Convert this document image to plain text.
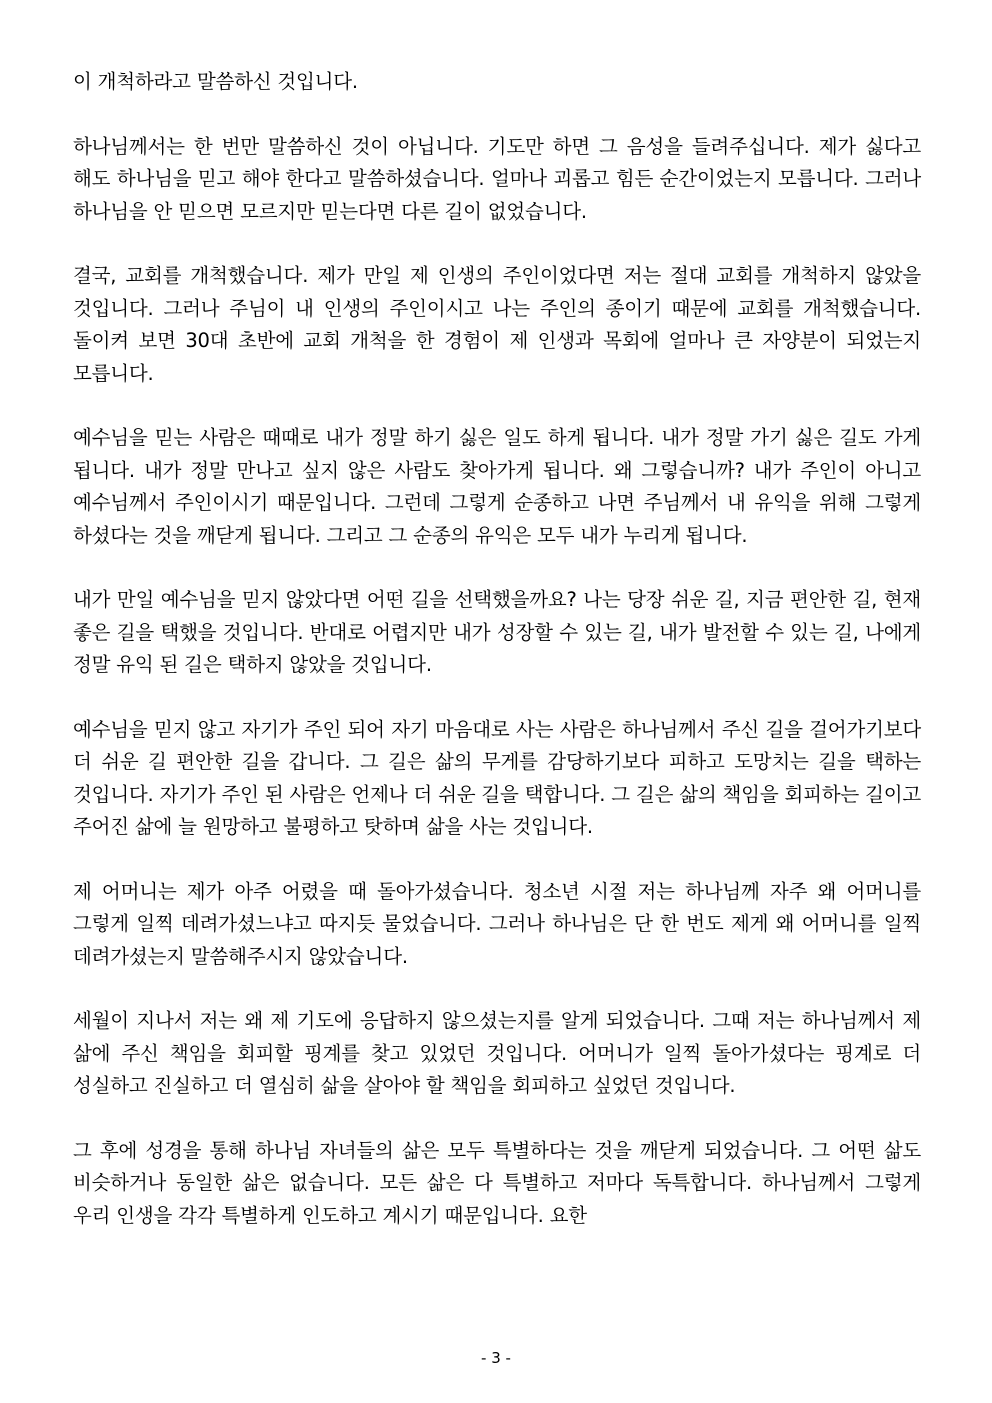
이 개척하라고 말씀하신 것입니다.

하나님께서는 한 번만 말씀하신 것이 아닙니다. 기도만 하면 그 음성을 들려주십니다. 제가 싫다고 해도 하나님을 믿고 해야 한다고 말씀하셨습니다. 얼마나 괴롭고 힘든 순간이었는지 모릅니다. 그러나 하나님을 안 믿으면 모르지만 믿는다면 다른 길이 없었습니다.

결국, 교회를 개척했습니다. 제가 만일 제 인생의 주인이었다면 저는 절대 교회를 개척하지 않았을 것입니다. 그러나 주님이 내 인생의 주인이시고 나는 주인의 종이기 때문에 교회를 개척했습니다. 돌이켜 보면 30대 초반에 교회 개척을 한 경험이 제 인생과 목회에 얼마나 큰 자양분이 되었는지 모릅니다.

예수님을 믿는 사람은 때때로 내가 정말 하기 싫은 일도 하게 됩니다. 내가 정말 가기 싫은 길도 가게 됩니다. 내가 정말 만나고 싶지 않은 사람도 찾아가게 됩니다. 왜 그렇습니까? 내가 주인이 아니고 예수님께서 주인이시기 때문입니다. 그런데 그렇게 순종하고 나면 주님께서 내 유익을 위해 그렇게 하셨다는 것을 깨닫게 됩니다. 그리고 그 순종의 유익은 모두 내가 누리게 됩니다.

내가 만일 예수님을 믿지 않았다면 어떤 길을 선택했을까요? 나는 당장 쉬운 길, 지금 편안한 길, 현재 좋은 길을 택했을 것입니다. 반대로 어렵지만 내가 성장할 수 있는 길, 내가 발전할 수 있는 길, 나에게 정말 유익 된 길은 택하지 않았을 것입니다.

예수님을 믿지 않고 자기가 주인 되어 자기 마음대로 사는 사람은 하나님께서 주신 길을 걸어가기보다 더 쉬운 길 편안한 길을 갑니다. 그 길은 삶의 무게를 감당하기보다 피하고 도망치는 길을 택하는 것입니다. 자기가 주인 된 사람은 언제나 더 쉬운 길을 택합니다. 그 길은 삶의 책임을 회피하는 길이고 주어진 삶에 늘 원망하고 불평하고 탓하며 삶을 사는 것입니다.

제 어머니는 제가 아주 어렸을 때 돌아가셨습니다. 청소년 시절 저는 하나님께 자주 왜 어머니를 그렇게 일찍 데려가셨느냐고 따지듯 물었습니다. 그러나 하나님은 단 한 번도 제게 왜 어머니를 일찍 데려가셨는지 말씀해주시지 않았습니다.

세월이 지나서 저는 왜 제 기도에 응답하지 않으셨는지를 알게 되었습니다. 그때 저는 하나님께서 제 삶에 주신 책임을 회피할 핑계를 찾고 있었던 것입니다. 어머니가 일찍 돌아가셨다는 핑계로 더 성실하고 진실하고 더 열심히 삶을 살아야 할 책임을 회피하고 싶었던 것입니다.

그 후에 성경을 통해 하나님 자녀들의 삶은 모두 특별하다는 것을 깨닫게 되었습니다. 그 어떤 삶도 비슷하거나 동일한 삶은 없습니다. 모든 삶은 다 특별하고 저마다 독특합니다. 하나님께서 그렇게 우리 인생을 각각 특별하게 인도하고 계시기 때문입니다. 요한

- 3 -
